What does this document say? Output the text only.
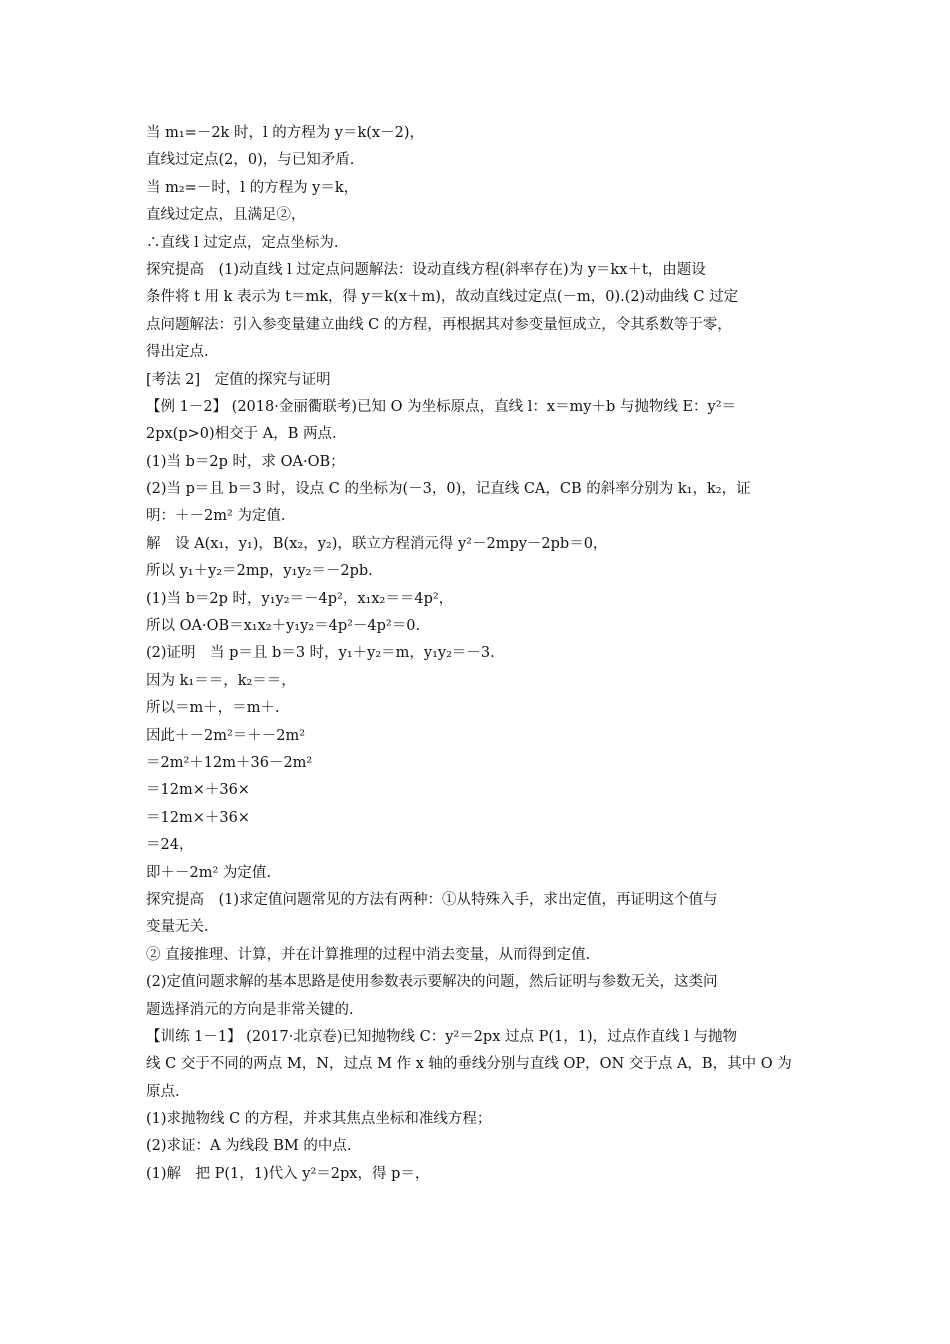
当 m₁=－2k 时，l 的方程为 y＝k(x－2)，
直线过定点(2，0)，与已知矛盾.
当 m₂=－时，l 的方程为 y＝k，
直线过定点，且满足②，
∴直线 l 过定点，定点坐标为.
探究提高　(1)动直线 l 过定点问题解法：设动直线方程(斜率存在)为 y＝kx＋t，由题设
条件将 t 用 k 表示为 t＝mk，得 y＝k(x＋m)，故动直线过定点(－m，0).(2)动曲线 C 过定
点问题解法：引入参变量建立曲线 C 的方程，再根据其对参变量恒成立，令其系数等于零，
得出定点.
[考法 2]　定值的探究与证明
【例 1－2】 (2018·金丽衢联考)已知 O 为坐标原点，直线 l：x＝my＋b 与抛物线 E：y²＝
2px(p>0)相交于 A，B 两点.
(1)当 b＝2p 时，求 OA·OB；
(2)当 p＝且 b＝3 时，设点 C 的坐标为(－3，0)，记直线 CA，CB 的斜率分别为 k₁，k₂，证
明：＋－2m² 为定值.
解　设 A(x₁，y₁)，B(x₂，y₂)，联立方程消元得 y²－2mpy－2pb＝0，
所以 y₁＋y₂＝2mp，y₁y₂＝－2pb.
(1)当 b＝2p 时，y₁y₂＝－4p²，x₁x₂＝＝4p²，
所以 OA·OB＝x₁x₂＋y₁y₂＝4p²－4p²＝0.
(2)证明　当 p＝且 b＝3 时，y₁＋y₂＝m，y₁y₂＝－3.
因为 k₁＝＝，k₂＝＝，
所以＝m＋，＝m＋.
因此＋－2m²＝＋－2m²
＝2m²＋12m＋36－2m²
＝12m×＋36×
＝12m×＋36×
＝24，
即＋－2m² 为定值.
探究提高　(1)求定值问题常见的方法有两种：①从特殊入手，求出定值，再证明这个值与
变量无关.
② 直接推理、计算，并在计算推理的过程中消去变量，从而得到定值.
(2)定值问题求解的基本思路是使用参数表示要解决的问题，然后证明与参数无关，这类问
题选择消元的方向是非常关键的.
【训练 1－1】 (2017·北京卷)已知抛物线 C：y²＝2px 过点 P(1，1)，过点作直线 l 与抛物
线 C 交于不同的两点 M，N，过点 M 作 x 轴的垂线分别与直线 OP，ON 交于点 A，B，其中 O 为
原点.
(1)求抛物线 C 的方程，并求其焦点坐标和准线方程；
(2)求证：A 为线段 BM 的中点.
(1)解　把 P(1，1)代入 y²＝2px，得 p＝，
